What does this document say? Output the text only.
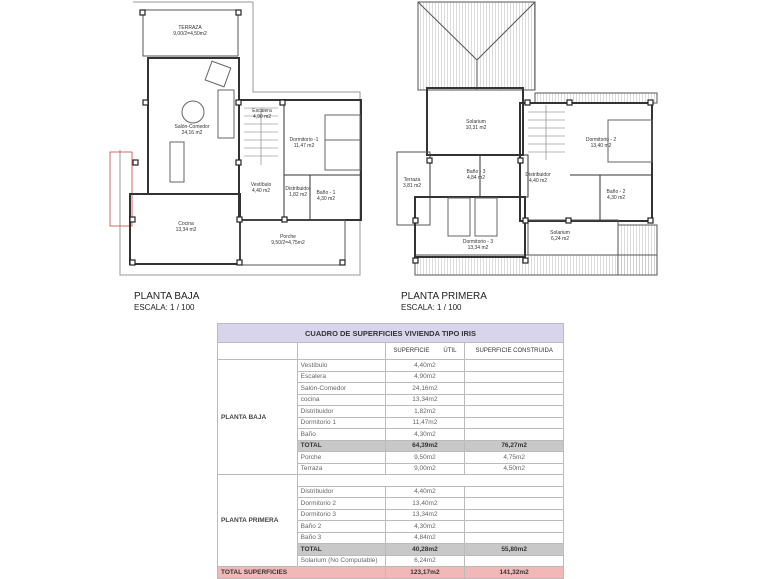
TERRAZA
9,00/2=4,50m2
Salón-Comedor
24,16 m2
Escalera
4,90 m2
Dormitorio -1
11,47 m2
Vestíbulo
4,40 m2	Distribuidor
1,82 m2 Baño - 1
4,30 m2
Cocina
13,34 m2
Porche
9,50/2=4,75m2
Solarium
10,31 m2
Dormitorio - 2
13,40 m2
Terraza
3,81 m2
Baño - 3
4,84 m2	Distribuidor
4,40 m2
Baño - 2
4,30 m2
Dormitorio - 3
13,34 m2
Solarium
6,24 m2
PLANTA BAJA
ESCALA: 1 / 100
PLANTA PRIMERA
ESCALA: 1 / 100
CUADRO DE SUPERFICIES VIVIENDA TIPO IRIS			
		SUPERFICIE ÚTIL	SUPERFICIE CONSTRUIDA
PLANTA BAJA	Vestíbulo	4,40m2	
	Escalera	4,90m2	
	Salón-Comedor	24,16m2	
	cocina	13,34m2	
	Distribuidor	1,82m2	
	Dormitorio 1	11,47m2	
	Baño	4,30m2	
	TOTAL	64,39m2	76,27m2
	Porche	9,50m2	4,75m2
	Terraza	9,00m2	4,50m2
PLANTA PRIMERA			
	Distribuidor	4,40m2	
	Dormitorio 2	13,40m2	
	Dormitorio 3	13,34m2	
	Baño 2	4,30m2	
	Baño 3	4,84m2	
	TOTAL	40,28m2	55,80m2
	Solarium (No Computable)	6,24m2	
TOTAL SUPERFICIES		123,17m2	141,32m2
